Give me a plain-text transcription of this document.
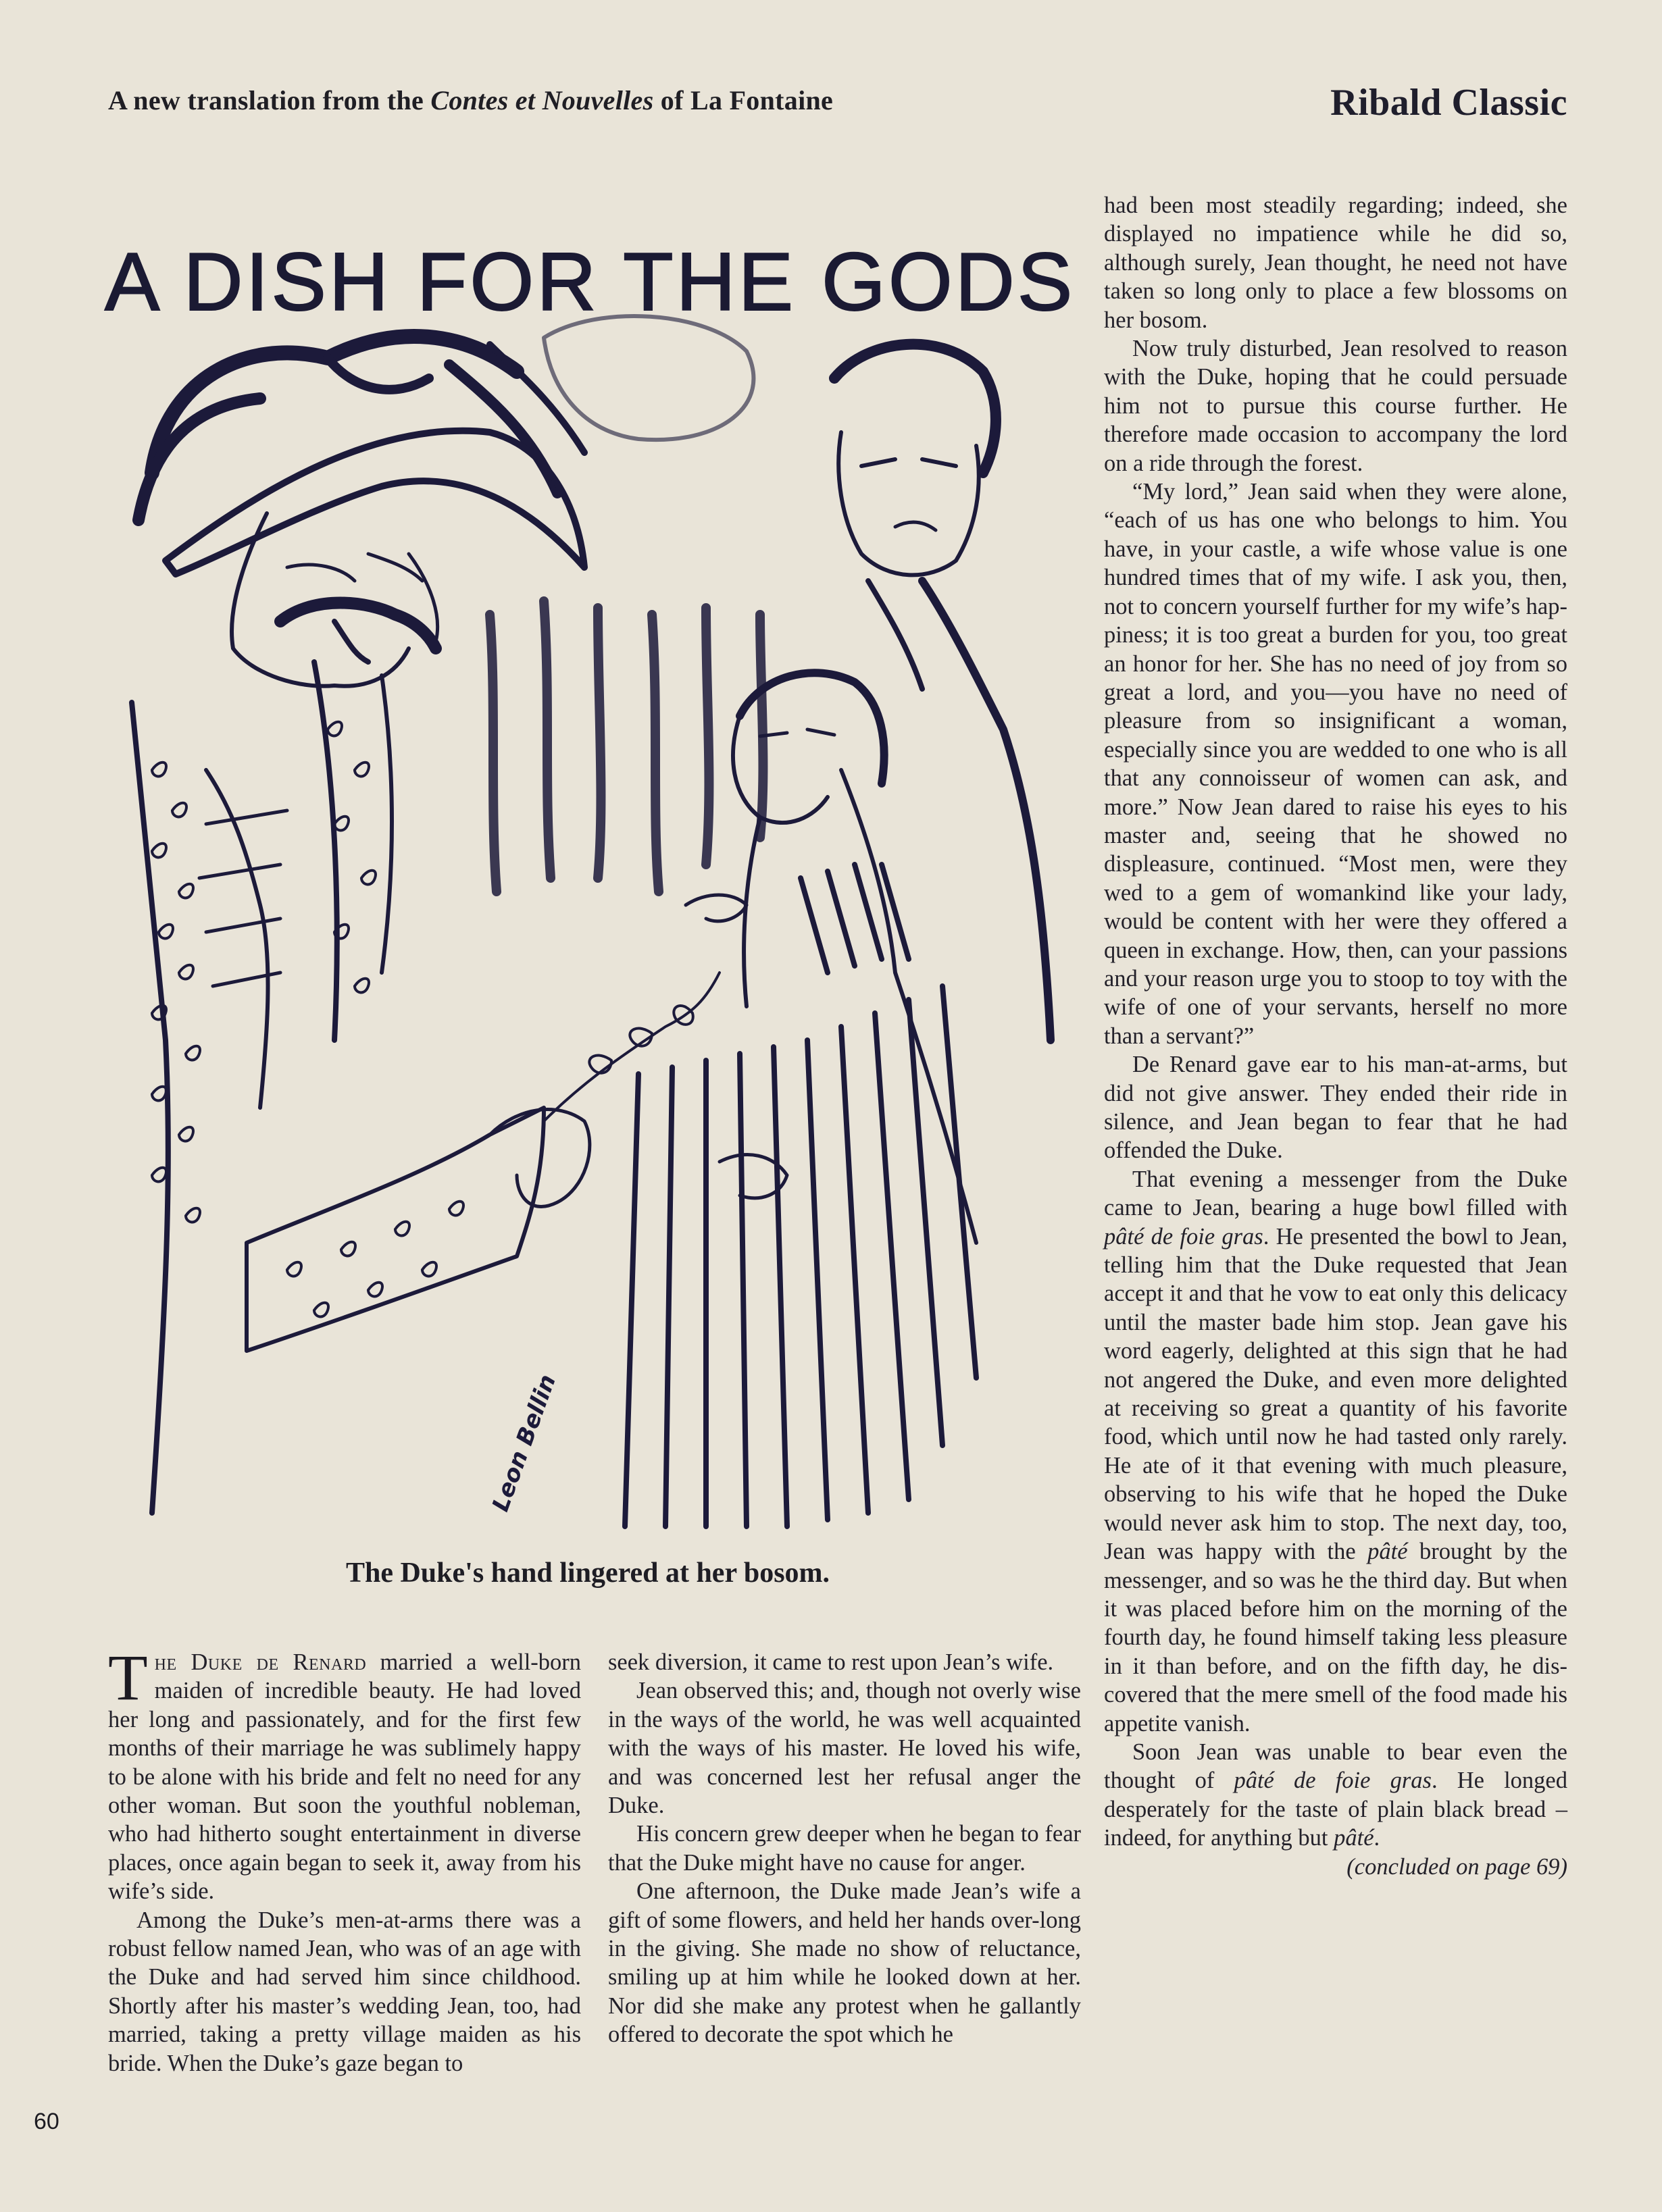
A new translation from the Contes et Nouvelles of La Fontaine	Ribald Classic
A DISH FOR THE GODS
Leon Bellin
The Duke's hand lingered at her bosom.

The Duke de Renard married a well-born maiden of incredible beauty. He had loved her long and passionately, and for the first few months of their marriage he was sublimely happy to be alone with his bride and felt no need for any other woman. But soon the youthful nobleman, who had hitherto sought entertainment in diverse places, once again began to seek it, away from his wife’s side.

Among the Duke’s men-at-arms there was a robust fellow named Jean, who was of an age with the Duke and had served him since childhood. Shortly after his master’s wedding Jean, too, had married, taking a pretty village maiden as his bride. When the Duke’s gaze began to

seek diversion, it came to rest upon Jean’s wife.

Jean observed this; and, though not overly wise in the ways of the world, he was well acquainted with the ways of his master. He loved his wife, and was concerned lest her refusal anger the Duke.

His concern grew deeper when he began to fear that the Duke might have no cause for anger.

One afternoon, the Duke made Jean’s wife a gift of some flowers, and held her hands over-long in the giving. She made no show of reluctance, smiling up at him while he looked down at her. Nor did she make any protest when he gallantly offered to decorate the spot which he

had been most steadily regarding; indeed, she displayed no impatience while he did so, although surely, Jean thought, he need not have taken so long only to place a few blossoms on her bosom.

Now truly disturbed, Jean resolved to reason with the Duke, hoping that he could persuade him not to pursue this course further. He therefore made occasion to accompany the lord on a ride through the forest.

“My lord,” Jean said when they were alone, “each of us has one who belongs to him. You have, in your castle, a wife whose value is one hundred times that of my wife. I ask you, then, not to concern yourself further for my wife’s happiness; it is too great a burden for you, too great an honor for her. She has no need of joy from so great a lord, and you—you have no need of pleasure from so insignificant a woman, especially since you are wedded to one who is all that any connoisseur of women can ask, and more.” Now Jean dared to raise his eyes to his master and, seeing that he showed no displeasure, continued. “Most men, were they wed to a gem of womankind like your lady, would be content with her were they offered a queen in exchange. How, then, can your passions and your reason urge you to stoop to toy with the wife of one of your servants, herself no more than a servant?”

De Renard gave ear to his man-at-arms, but did not give answer. They ended their ride in silence, and Jean began to fear that he had offended the Duke.

That evening a messenger from the Duke came to Jean, bearing a huge bowl filled with pâté de foie gras. He presented the bowl to Jean, telling him that the Duke requested that Jean accept it and that he vow to eat only this delicacy until the master bade him stop. Jean gave his word eagerly, delighted at this sign that he had not angered the Duke, and even more delighted at receiving so great a quantity of his favorite food, which until now he had tasted only rarely. He ate of it that evening with much pleasure, observing to his wife that he hoped the Duke would never ask him to stop. The next day, too, Jean was happy with the pâté brought by the messenger, and so was he the third day. But when it was placed before him on the morning of the fourth day, he found himself taking less pleasure in it than before, and on the fifth day, he discovered that the mere smell of the food made his appetite vanish.

Soon Jean was unable to bear even the thought of pâté de foie gras. He longed desperately for the taste of plain black bread – indeed, for anything but pâté.

(concluded on page 69)

60
